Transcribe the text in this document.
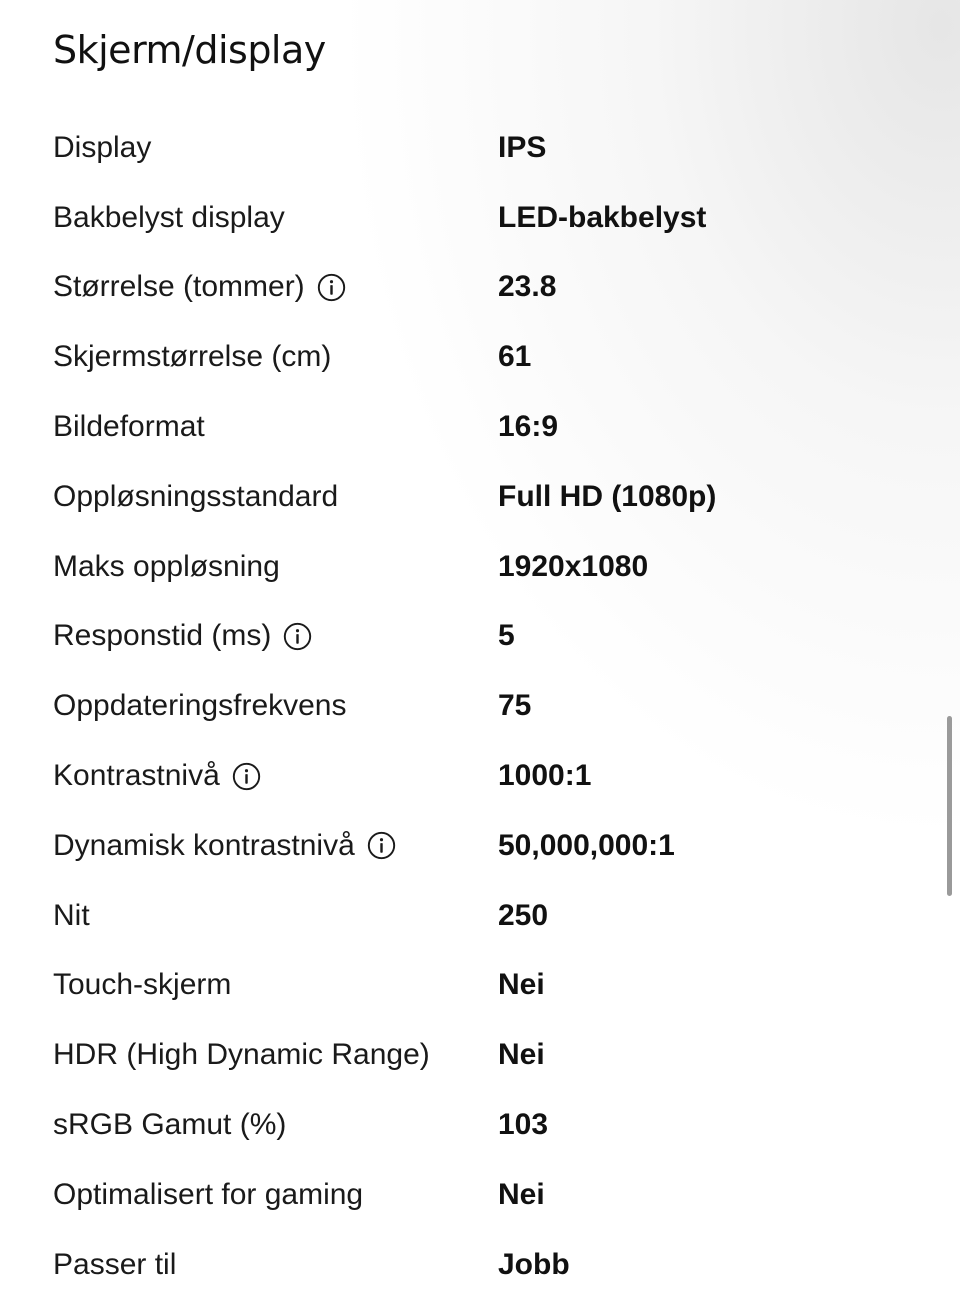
Skjerm/display
Display	IPS
Bakbelyst display	LED-bakbelyst
Størrelse (tommer)	23.8
Skjermstørrelse (cm)	61
Bildeformat	16:9
Oppløsningsstandard	Full HD (1080p)
Maks oppløsning	1920x1080
Responstid (ms)	5
Oppdateringsfrekvens	75
Kontrastnivå	1000:1
Dynamisk kontrastnivå	50,000,000:1
Nit	250
Touch-skjerm	Nei
HDR (High Dynamic Range) Nei
sRGB Gamut (%)	103
Optimalisert for gaming	Nei
Passer til	Jobb
